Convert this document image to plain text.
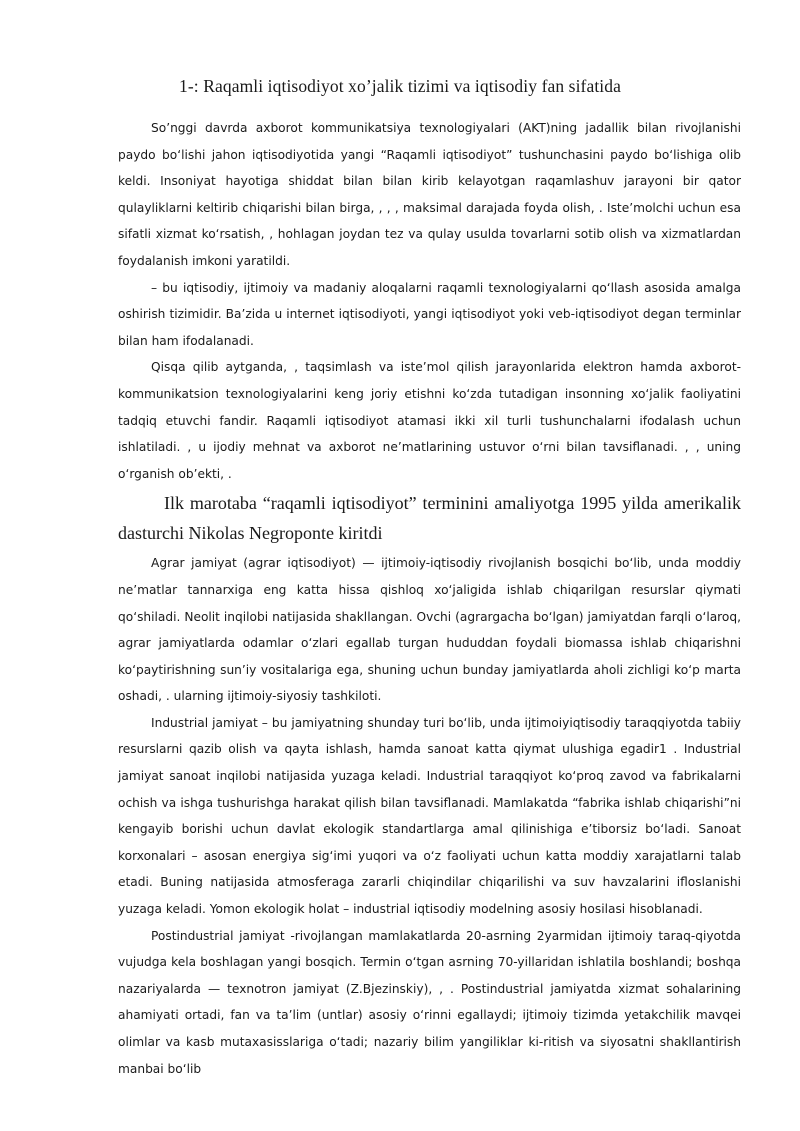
1-: Raqamli iqtisodiyot xo’jalik tizimi va iqtisodiy fan sifatida

So’nggi davrda axborot kommunikatsiya texnologiyalari (AKT)ning jadallik bilan rivojlanishi paydo bo‘lishi jahon iqtisodiyotida yangi “Raqamli iqtisodiyot” tushunchasini paydo bo‘lishiga olib keldi. Insoniyat hayotiga shiddat bilan bilan kirib kelayotgan raqamlashuv jarayoni bir qator qulayliklarni keltirib chiqarishi bilan birga, , , , maksimal darajada foyda olish, . Iste’molchi uchun esa sifatli xizmat ko‘rsatish, , hohlagan joydan tez va qulay usulda tovarlarni sotib olish va xizmatlardan foydalanish imkoni yaratildi.

– bu iqtisodiy, ijtimoiy va madaniy aloqalarni raqamli texnologiyalarni qo‘llash asosida amalga oshirish tizimidir. Ba’zida u internet iqtisodiyoti, yangi iqtisodiyot yoki veb-iqtisodiyot degan terminlar bilan ham ifodalanadi.

Qisqa qilib aytganda, , taqsimlash va iste’mol qilish jarayonlarida elektron hamda axborot-kommunikatsion texnologiyalarini keng joriy etishni ko‘zda tutadigan insonning xo‘jalik faoliyatini tadqiq etuvchi fandir. Raqamli iqtisodiyot atamasi ikki xil turli tushunchalarni ifodalash uchun ishlatiladi. , u ijodiy mehnat va axborot ne’matlarining ustuvor o‘rni bilan tavsiflanadi. , , uning o‘rganish ob’ekti, .

Ilk marotaba “raqamli iqtisodiyot” terminini amaliyotga 1995 yilda amerikalik dasturchi Nikolas Negroponte kiritdi

Agrar jamiyat (agrar iqtisodiyot) — ijtimoiy-iqtisodiy rivojlanish bosqichi bo‘lib, unda moddiy ne’matlar tannarxiga eng katta hissa qishloq xo‘jaligida ishlab chiqarilgan resurslar qiymati qo‘shiladi. Neolit inqilobi natijasida shakllangan. Ovchi (agrargacha bo‘lgan) jamiyatdan farqli o‘laroq, agrar jamiyatlarda odamlar o‘zlari egallab turgan hududdan foydali biomassa ishlab chiqarishni ko‘paytirishning sun’iy vositalariga ega, shuning uchun bunday jamiyatlarda aholi zichligi ko‘p marta oshadi, . ularning ijtimoiy-siyosiy tashkiloti.

Industrial jamiyat – bu jamiyatning shunday turi bo‘lib, unda ijtimoiyiqtisodiy taraqqiyotda tabiiy resurslarni qazib olish va qayta ishlash, hamda sanoat katta qiymat ulushiga egadir1 . Industrial jamiyat sanoat inqilobi natijasida yuzaga keladi. Industrial taraqqiyot ko‘proq zavod va fabrikalarni ochish va ishga tushurishga harakat qilish bilan tavsiflanadi. Mamlakatda “fabrika ishlab chiqarishi”ni kengayib borishi uchun davlat ekologik standartlarga amal qilinishiga e’tiborsiz bo‘ladi. Sanoat korxonalari – asosan energiya sig‘imi yuqori va o‘z faoliyati uchun katta moddiy xarajatlarni talab etadi. Buning natijasida atmosferaga zararli chiqindilar chiqarilishi va suv havzalarini ifloslanishi yuzaga keladi. Yomon ekologik holat – industrial iqtisodiy modelning asosiy hosilasi hisoblanadi.

Postindustrial jamiyat -rivojlangan mamlakatlarda 20-asrning 2yarmidan ijtimoiy taraq-qiyotda vujudga kela boshlagan yangi bosqich. Termin o‘tgan asrning 70-yillaridan ishlatila boshlandi; boshqa nazariyalarda — texnotron jamiyat (Z.Bjezinskiy), , . Postindustrial jamiyatda xizmat sohalarining ahamiyati ortadi, fan va ta’lim (untlar) asosiy o‘rinni egallaydi; ijtimoiy tizimda yetakchilik mavqei olimlar va kasb mutaxasisslariga o‘tadi; nazariy bilim yangiliklar ki-ritish va siyosatni shakllantirish manbai bo‘lib
